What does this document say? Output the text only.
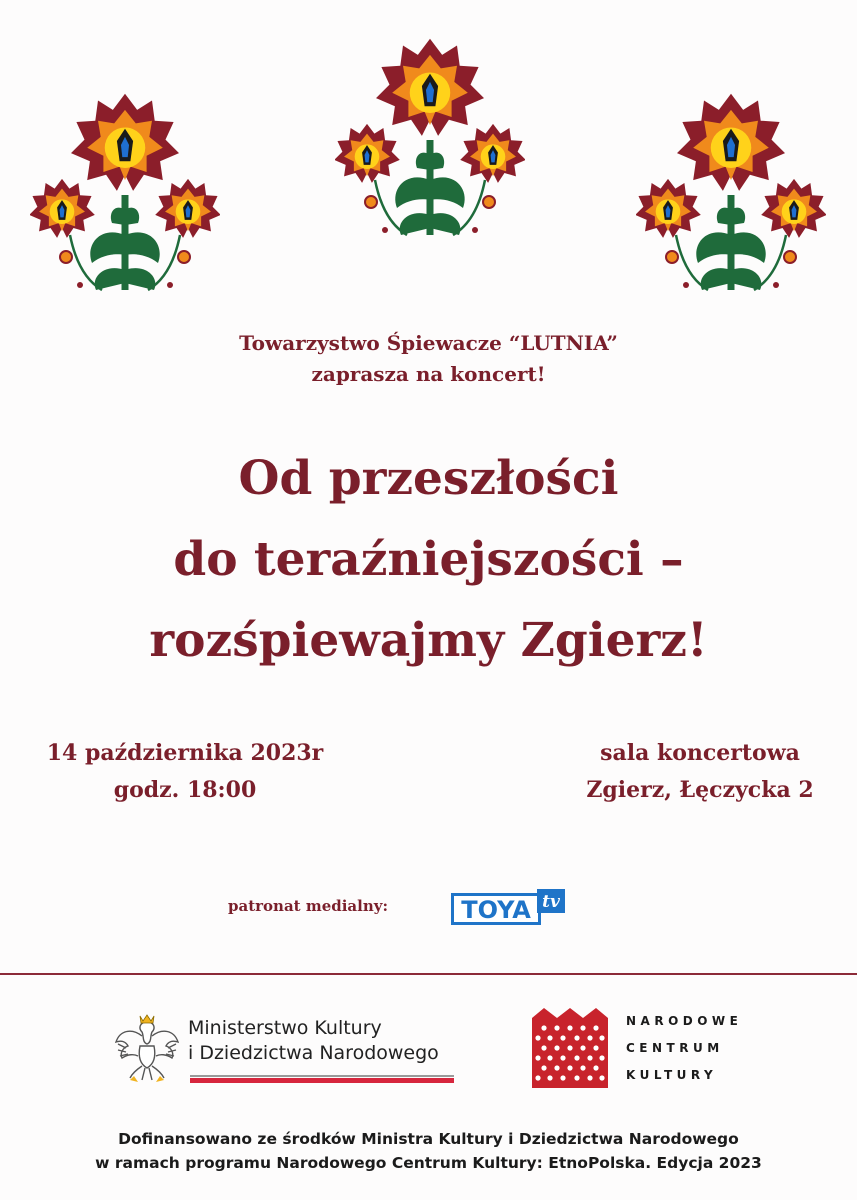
Towarzystwo Śpiewacze “LUTNIA”
zaprasza na koncert!
Od przeszłości
do teraźniejszości –
rozśpiewajmy Zgierz!
14 października 2023r
godz. 18:00
sala koncertowa
Zgierz, Łęczycka 2
patronat medialny:	TOYA tv
Ministerstwo Kultury
i Dziedzictwa Narodowego
NARODOWE
CENTRUM
KULTURY
Dofinansowano ze środków Ministra Kultury i Dziedzictwa Narodowego
w ramach programu Narodowego Centrum Kultury: EtnoPolska. Edycja 2023
